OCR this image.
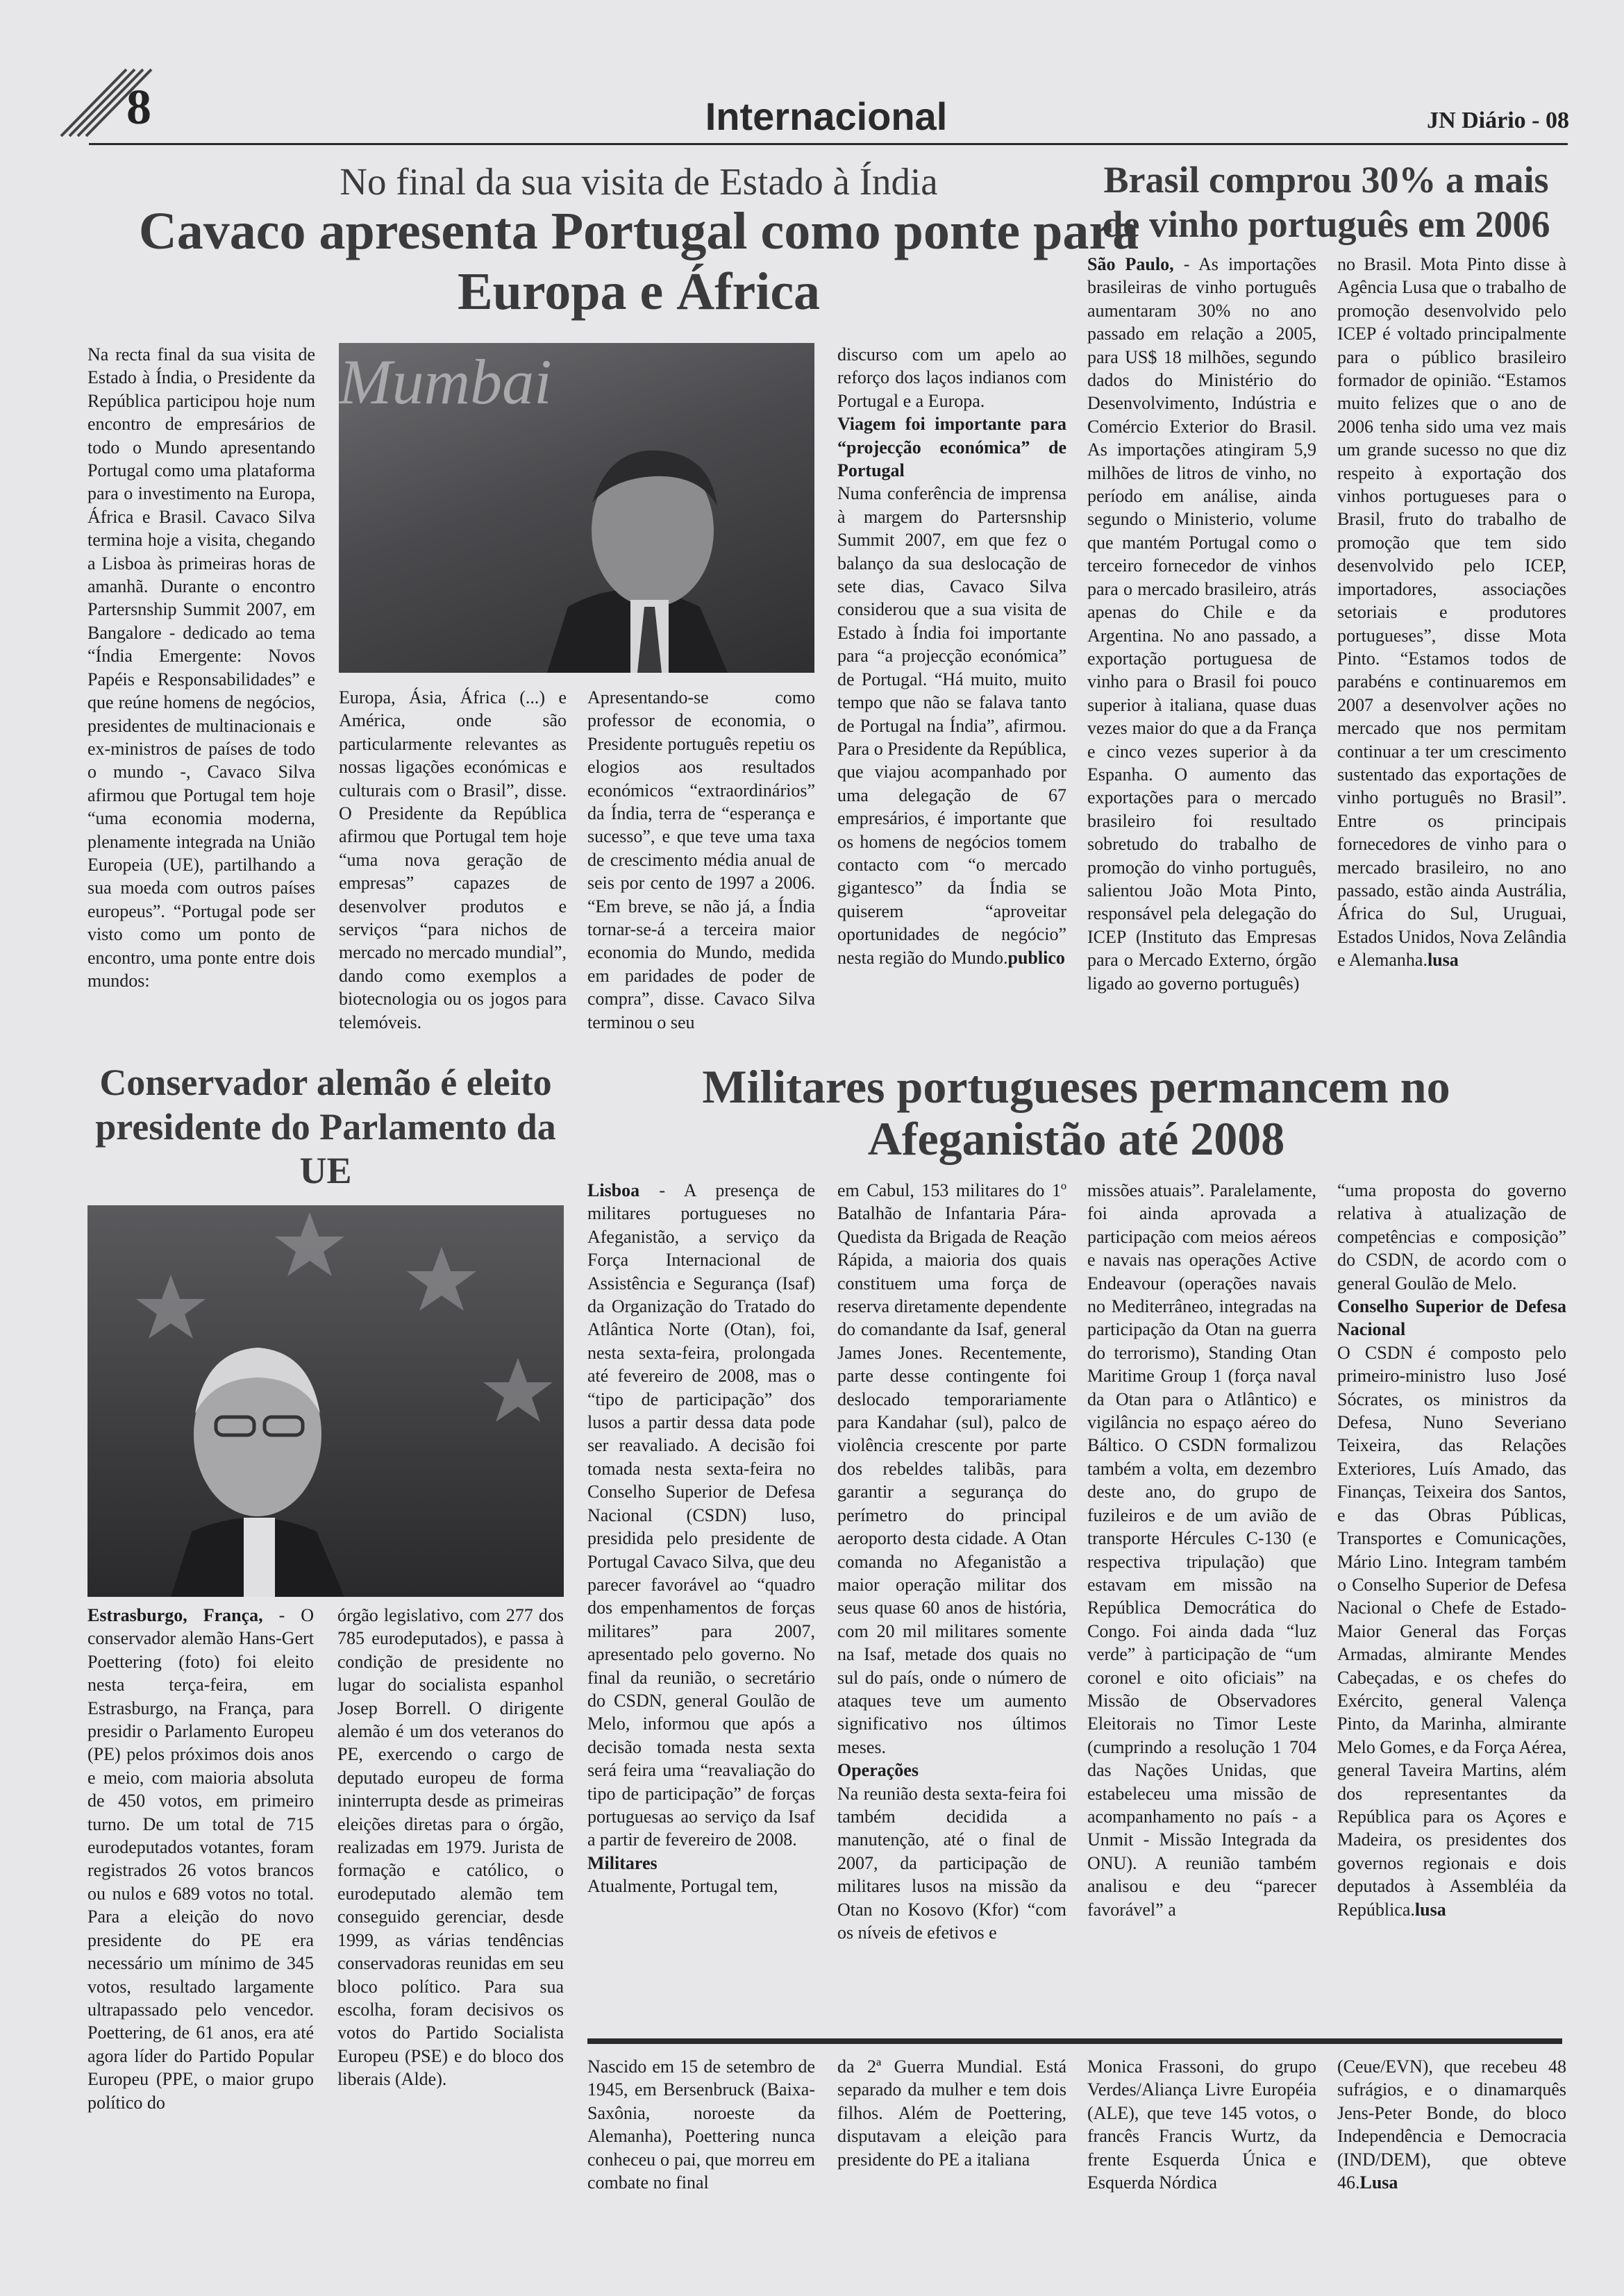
8	Internacional	JN Diário - 08
No final da sua visita de Estado à Índia
Cavaco apresenta Portugal como ponte para Europa e África
Mumbai

Na recta final da sua visita de Estado à Índia, o Presidente da República participou hoje num encontro de empresários de todo o Mundo apresentando Portugal como uma plataforma para o investimento na Europa, África e Brasil. Cavaco Silva termina hoje a visita, chegando a Lisboa às primeiras horas de amanhã. Durante o encontro Partersnship Summit 2007, em Bangalore - dedicado ao tema “Índia Emergente: Novos Papéis e Responsabilidades” e que reúne homens de negócios, presidentes de multinacionais e ex-ministros de países de todo o mundo -, Cavaco Silva afirmou que Portugal tem hoje “uma economia moderna, plenamente integrada na União Europeia (UE), partilhando a sua moeda com outros países europeus”. “Portugal pode ser visto como um ponto de encontro, uma ponte entre dois mundos:

Europa, Ásia, África (...) e América, onde são particularmente relevantes as nossas ligações económicas e culturais com o Brasil”, disse. O Presidente da República afirmou que Portugal tem hoje “uma nova geração de empresas” capazes de desenvolver produtos e serviços “para nichos de mercado no mercado mundial”, dando como exemplos a biotecnologia ou os jogos para telemóveis.

Apresentando-se como professor de economia, o Presidente português repetiu os elogios aos resultados económicos “extraordinários” da Índia, terra de “esperança e sucesso”, e que teve uma taxa de crescimento média anual de seis por cento de 1997 a 2006. “Em breve, se não já, a Índia tornar-se-á a terceira maior economia do Mundo, medida em paridades de poder de compra”, disse. Cavaco Silva terminou o seu

discurso com um apelo ao reforço dos laços indianos com Portugal e a Europa.

Viagem foi importante para “projecção económica” de Portugal

Numa conferência de imprensa à margem do Partersnship Summit 2007, em que fez o balanço da sua deslocação de sete dias, Cavaco Silva considerou que a sua visita de Estado à Índia foi importante para “a projecção económica” de Portugal. “Há muito, muito tempo que não se falava tanto de Portugal na Índia”, afirmou. Para o Presidente da República, que viajou acompanhado por uma delegação de 67 empresários, é importante que os homens de negócios tomem contacto com “o mercado gigantesco” da Índia se quiserem “aproveitar oportunidades de negócio” nesta região do Mundo.publico

Brasil comprou 30% a mais de vinho português em 2006

São Paulo, - As importações brasileiras de vinho português aumentaram 30% no ano passado em relação a 2005, para US$ 18 milhões, segundo dados do Ministério do Desenvolvimento, Indústria e Comércio Exterior do Brasil. As importações atingiram 5,9 milhões de litros de vinho, no período em análise, ainda segundo o Ministerio, volume que mantém Portugal como o terceiro fornecedor de vinhos para o mercado brasileiro, atrás apenas do Chile e da Argentina. No ano passado, a exportação portuguesa de vinho para o Brasil foi pouco superior à italiana, quase duas vezes maior do que a da França e cinco vezes superior à da Espanha. O aumento das exportações para o mercado brasileiro foi resultado sobretudo do trabalho de promoção do vinho português, salientou João Mota Pinto, responsável pela delegação do ICEP (Instituto das Empresas para o Mercado Externo, órgão ligado ao governo português)

no Brasil. Mota Pinto disse à Agência Lusa que o trabalho de promoção desenvolvido pelo ICEP é voltado principalmente para o público brasileiro formador de opinião. “Estamos muito felizes que o ano de 2006 tenha sido uma vez mais um grande sucesso no que diz respeito à exportação dos vinhos portugueses para o Brasil, fruto do trabalho de promoção que tem sido desenvolvido pelo ICEP, importadores, associações setoriais e produtores portugueses”, disse Mota Pinto. “Estamos todos de parabéns e continuaremos em 2007 a desenvolver ações no mercado que nos permitam continuar a ter um crescimento sustentado das exportações de vinho português no Brasil”. Entre os principais fornecedores de vinho para o mercado brasileiro, no ano passado, estão ainda Austrália, África do Sul, Uruguai, Estados Unidos, Nova Zelândia e Alemanha.lusa

Conservador alemão é eleito presidente do Parlamento da UE

Estrasburgo, França, - O conservador alemão Hans-Gert Poettering (foto) foi eleito nesta terça-feira, em Estrasburgo, na França, para presidir o Parlamento Europeu (PE) pelos próximos dois anos e meio, com maioria absoluta de 450 votos, em primeiro turno. De um total de 715 eurodeputados votantes, foram registrados 26 votos brancos ou nulos e 689 votos no total. Para a eleição do novo presidente do PE era necessário um mínimo de 345 votos, resultado largamente ultrapassado pelo vencedor. Poettering, de 61 anos, era até agora líder do Partido Popular Europeu (PPE, o maior grupo político do

órgão legislativo, com 277 dos 785 eurodeputados), e passa à condição de presidente no lugar do socialista espanhol Josep Borrell. O dirigente alemão é um dos veteranos do PE, exercendo o cargo de deputado europeu de forma ininterrupta desde as primeiras eleições diretas para o órgão, realizadas em 1979. Jurista de formação e católico, o eurodeputado alemão tem conseguido gerenciar, desde 1999, as várias tendências conservadoras reunidas em seu bloco político. Para sua escolha, foram decisivos os votos do Partido Socialista Europeu (PSE) e do bloco dos liberais (Alde).

Nascido em 15 de setembro de 1945, em Bersenbruck (Baixa-Saxônia, noroeste da Alemanha), Poettering nunca conheceu o pai, que morreu em combate no final

da 2ª Guerra Mundial. Está separado da mulher e tem dois filhos. Além de Poettering, disputavam a eleição para presidente do PE a italiana

Monica Frassoni, do grupo Verdes/Aliança Livre Européia (ALE), que teve 145 votos, o francês Francis Wurtz, da frente Esquerda Única e Esquerda Nórdica

(Ceue/EVN), que recebeu 48 sufrágios, e o dinamarquês Jens-Peter Bonde, do bloco Independência e Democracia (IND/DEM), que obteve 46.Lusa

Militares portugueses permancem no Afeganistão até 2008

Lisboa - A presença de militares portugueses no Afeganistão, a serviço da Força Internacional de Assistência e Segurança (Isaf) da Organização do Tratado do Atlântica Norte (Otan), foi, nesta sexta-feira, prolongada até fevereiro de 2008, mas o “tipo de participação” dos lusos a partir dessa data pode ser reavaliado. A decisão foi tomada nesta sexta-feira no Conselho Superior de Defesa Nacional (CSDN) luso, presidida pelo presidente de Portugal Cavaco Silva, que deu parecer favorável ao “quadro dos empenhamentos de forças militares” para 2007, apresentado pelo governo. No final da reunião, o secretário do CSDN, general Goulão de Melo, informou que após a decisão tomada nesta sexta será feira uma “reavaliação do tipo de participação” de forças portuguesas ao serviço da Isaf a partir de fevereiro de 2008.

Militares

Atualmente, Portugal tem,

em Cabul, 153 militares do 1º Batalhão de Infantaria Pára-Quedista da Brigada de Reação Rápida, a maioria dos quais constituem uma força de reserva diretamente dependente do comandante da Isaf, general James Jones. Recentemente, parte desse contingente foi deslocado temporariamente para Kandahar (sul), palco de violência crescente por parte dos rebeldes talibãs, para garantir a segurança do perímetro do principal aeroporto desta cidade. A Otan comanda no Afeganistão a maior operação militar dos seus quase 60 anos de história, com 20 mil militares somente na Isaf, metade dos quais no sul do país, onde o número de ataques teve um aumento significativo nos últimos meses.

Operações

Na reunião desta sexta-feira foi também decidida a manutenção, até o final de 2007, da participação de militares lusos na missão da Otan no Kosovo (Kfor) “com os níveis de efetivos e

missões atuais”. Paralelamente, foi ainda aprovada a participação com meios aéreos e navais nas operações Active Endeavour (operações navais no Mediterrâneo, integradas na participação da Otan na guerra do terrorismo), Standing Otan Maritime Group 1 (força naval da Otan para o Atlântico) e vigilância no espaço aéreo do Báltico. O CSDN formalizou também a volta, em dezembro deste ano, do grupo de fuzileiros e de um avião de transporte Hércules C-130 (e respectiva tripulação) que estavam em missão na República Democrática do Congo. Foi ainda dada “luz verde” à participação de “um coronel e oito oficiais” na Missão de Observadores Eleitorais no Timor Leste (cumprindo a resolução 1 704 das Nações Unidas, que estabeleceu uma missão de acompanhamento no país - a Unmit - Missão Integrada da ONU). A reunião também analisou e deu “parecer favorável” a

“uma proposta do governo relativa à atualização de competências e composição” do CSDN, de acordo com o general Goulão de Melo.

Conselho Superior de Defesa Nacional

O CSDN é composto pelo primeiro-ministro luso José Sócrates, os ministros da Defesa, Nuno Severiano Teixeira, das Relações Exteriores, Luís Amado, das Finanças, Teixeira dos Santos, e das Obras Públicas, Transportes e Comunicações, Mário Lino. Integram também o Conselho Superior de Defesa Nacional o Chefe de Estado-Maior General das Forças Armadas, almirante Mendes Cabeçadas, e os chefes do Exército, general Valença Pinto, da Marinha, almirante Melo Gomes, e da Força Aérea, general Taveira Martins, além dos representantes da República para os Açores e Madeira, os presidentes dos governos regionais e dois deputados à Assembléia da República.lusa
